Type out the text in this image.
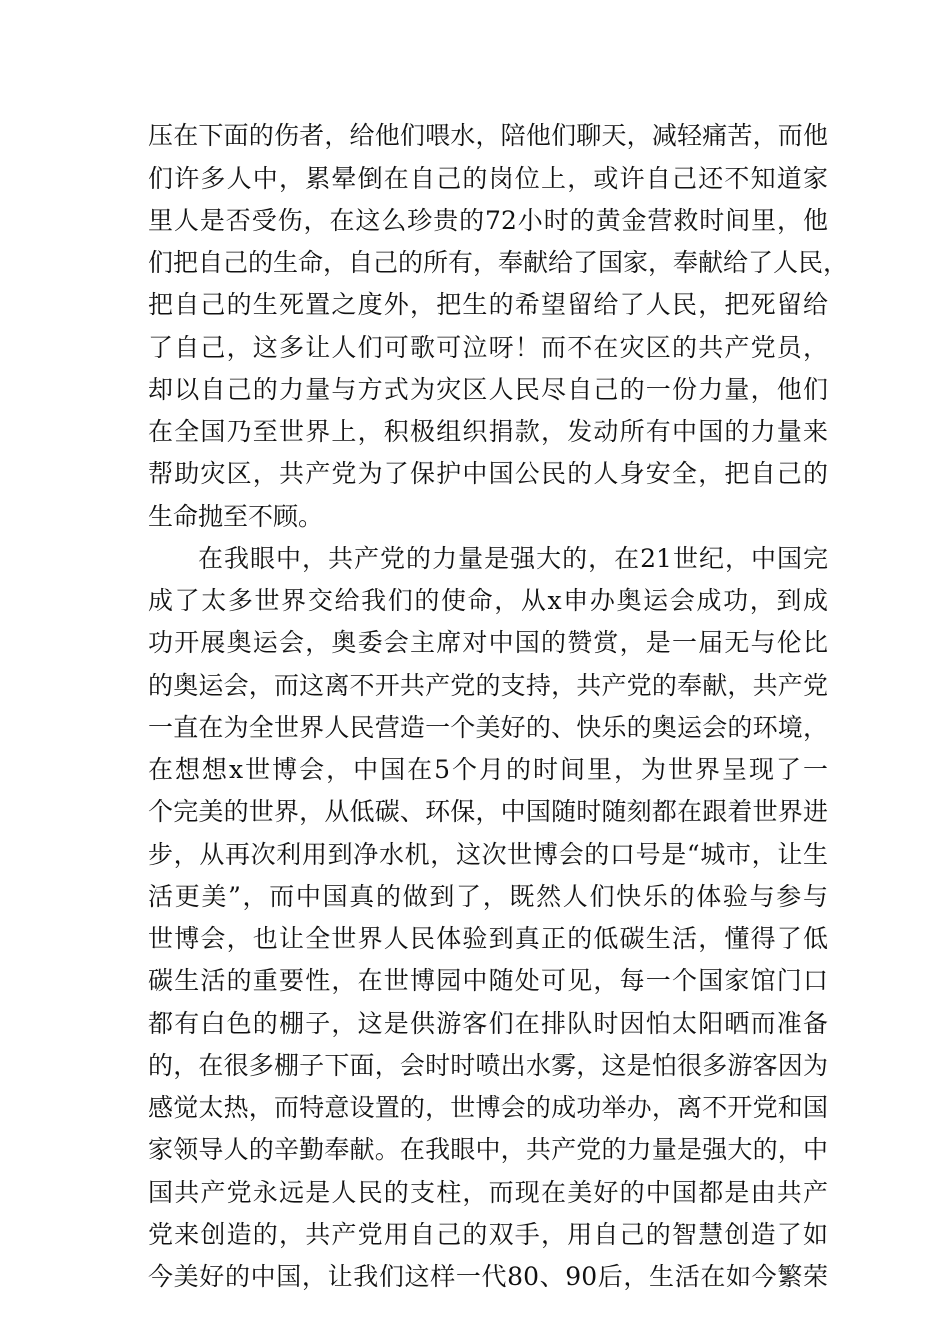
压在下面的伤者，给他们喂水，陪他们聊天，减轻痛苦，而他
们许多人中，累晕倒在自己的岗位上，或许自己还不知道家
里人是否受伤，在这么珍贵的72小时的黄金营救时间里，他
们把自己的生命，自己的所有，奉献给了国家，奉献给了人民，
把自己的生死置之度外，把生的希望留给了人民，把死留给
了自己，这多让人们可歌可泣呀！而不在灾区的共产党员，
却以自己的力量与方式为灾区人民尽自己的一份力量，他们
在全国乃至世界上，积极组织捐款，发动所有中国的力量来
帮助灾区，共产党为了保护中国公民的人身安全，把自己的
生命抛至不顾。
在我眼中，共产党的力量是强大的，在21世纪，中国完
成了太多世界交给我们的使命，从x申办奥运会成功，到成
功开展奥运会，奥委会主席对中国的赞赏，是一届无与伦比
的奥运会，而这离不开共产党的支持，共产党的奉献，共产党
一直在为全世界人民营造一个美好的、快乐的奥运会的环境，
在想想x世博会，中国在5个月的时间里，为世界呈现了一
个完美的世界，从低碳、环保，中国随时随刻都在跟着世界进
步，从再次利用到净水机，这次世博会的口号是“城市，让生
活更美”，而中国真的做到了，既然人们快乐的体验与参与
世博会，也让全世界人民体验到真正的低碳生活，懂得了低
碳生活的重要性，在世博园中随处可见，每一个国家馆门口
都有白色的棚子，这是供游客们在排队时因怕太阳晒而准备
的，在很多棚子下面，会时时喷出水雾，这是怕很多游客因为
感觉太热，而特意设置的，世博会的成功举办，离不开党和国
家领导人的辛勤奉献。在我眼中，共产党的力量是强大的，中
国共产党永远是人民的支柱，而现在美好的中国都是由共产
党来创造的，共产党用自己的双手，用自己的智慧创造了如
今美好的中国，让我们这样一代80、90后，生活在如今繁荣
